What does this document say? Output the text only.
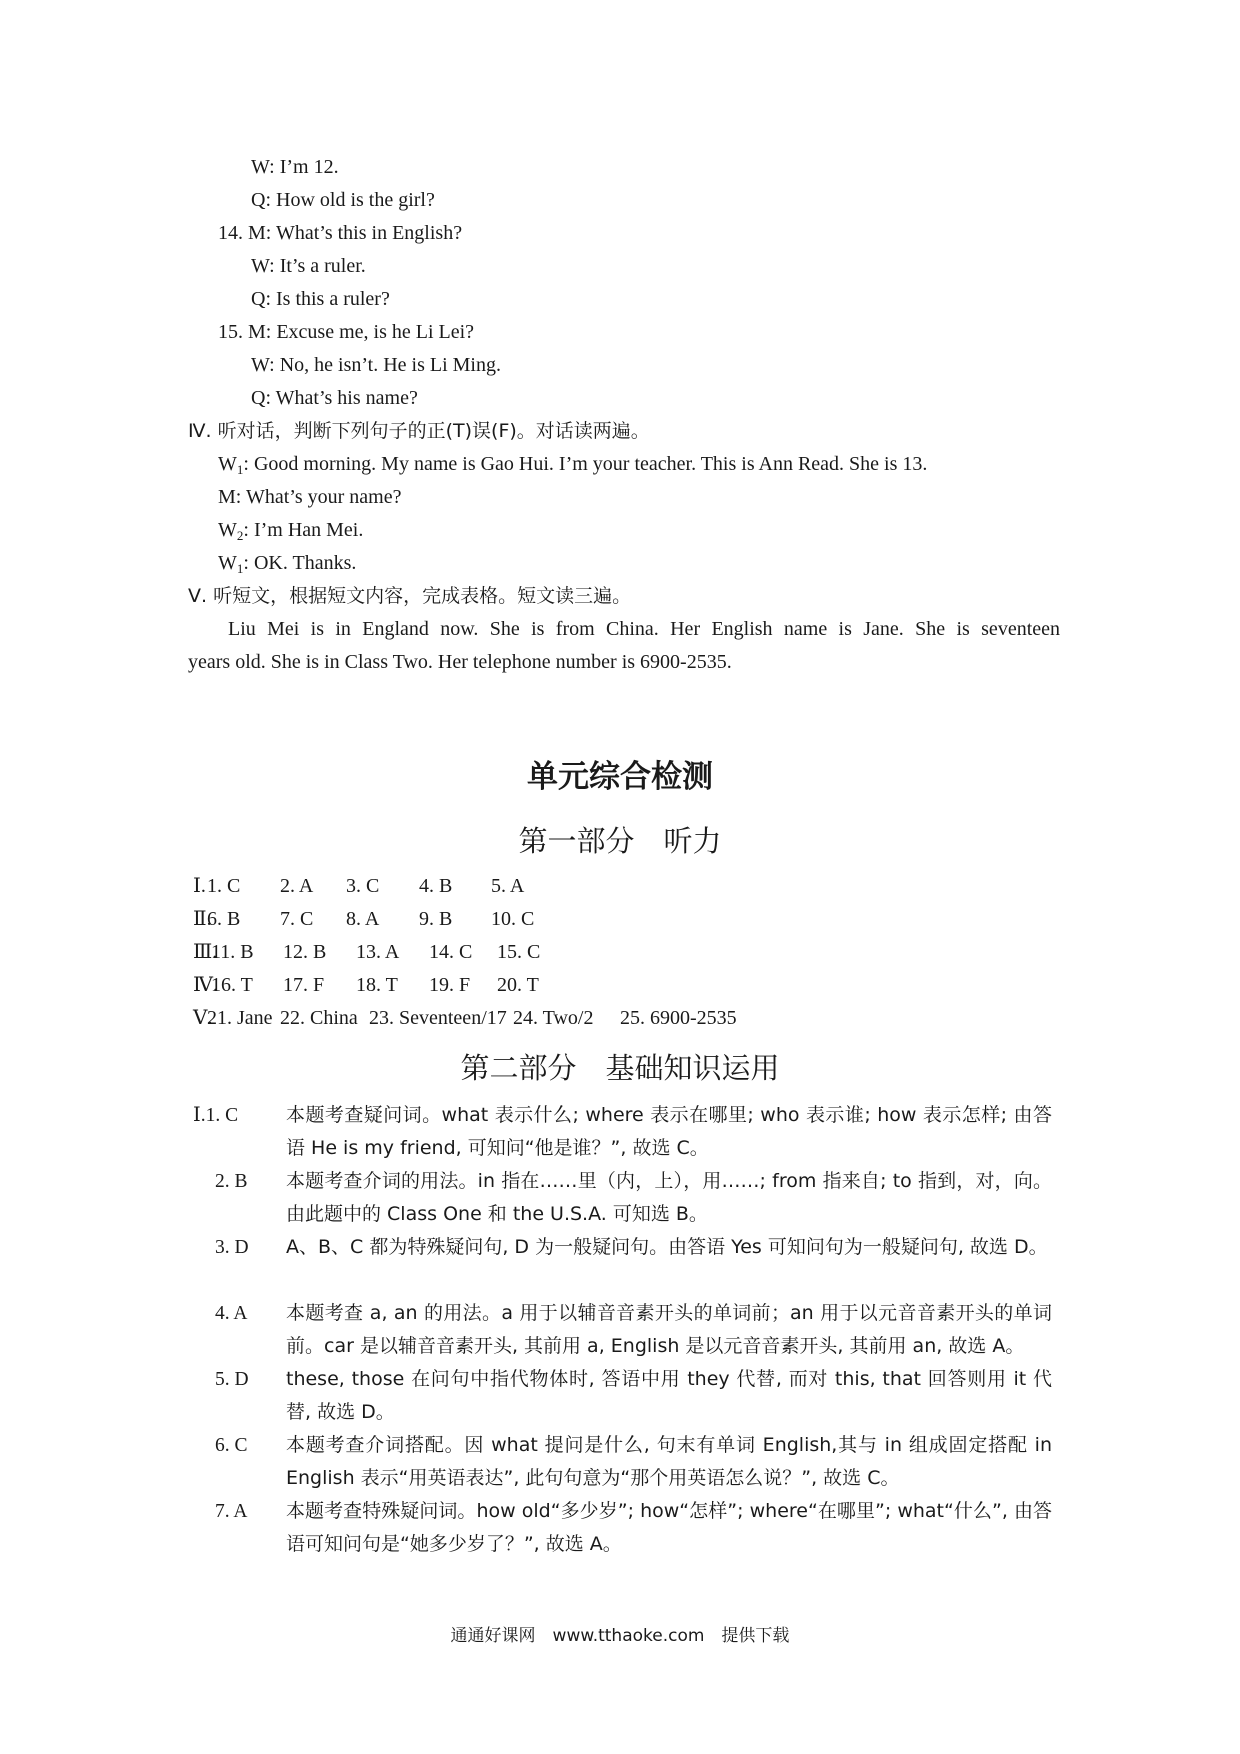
W: I’m 12.
Q: How old is the girl?
14. M: What’s this in English?
W: It’s a ruler.
Q: Is this a ruler?
15. M: Excuse me, is he Li Lei?
W: No, he isn’t. He is Li Ming.
Q: What’s his name?
Ⅳ. 听对话，判断下列句子的正(T)误(F)。对话读两遍。
$W_1$: Good morning. My name is Gao Hui. I’m your teacher. This is Ann Read. She is 13.
M: What’s your name?
$W_2$: I’m Han Mei.
$W_1$: OK. Thanks.
Ⅴ. 听短文，根据短文内容，完成表格。短文读三遍。
Liu Mei is in England now. She is from China. Her English name is Jane. She is seventeen
years old. She is in Class Two. Her telephone number is 6900-2535.
单元综合检测
第一部分　听力
Ⅰ. 1. C 2. A 3. C 4. B 5. A
Ⅱ.
6. B 7. C 8. A 9. B 10. C
Ⅲ.
11. B 12. B 13. A 14. C 15. C
Ⅳ.
16. T 17. F 18. T 19. F 20. T
Ⅴ.
21. Jane 22. China 23. Seventeen/17 24. Two/2 25. 6900-2535
第二部分　基础知识运用
Ⅰ.1. C	本题考查疑问词。what 表示什么; where 表示在哪里; who 表示谁; how 表示怎样; 由答语 He is my friend, 可知问“他是谁？”, 故选 C。
2. B 本题考查介词的用法。in 指在……里（内，上），用……; from 指来自; to 指到，对，向。由此题中的 Class One 和 the U.S.A. 可知选 B。
3. D A、B、C 都为特殊疑问句, D 为一般疑问句。由答语 Yes 可知问句为一般疑问句, 故选 D。
4. A 本题考查 a, an 的用法。a 用于以辅音音素开头的单词前；an 用于以元音音素开头的单词前。car 是以辅音音素开头, 其前用 a, English 是以元音音素开头, 其前用 an, 故选 A。
5. D these, those 在问句中指代物体时, 答语中用 they 代替, 而对 this, that 回答则用 it 代替, 故选 D。
6. C 本题考查介词搭配。因 what 提问是什么, 句末有单词 English,其与 in 组成固定搭配 in English 表示“用英语表达”, 此句句意为“那个用英语怎么说？”, 故选 C。
7. A 本题考查特殊疑问词。how old“多少岁”; how“怎样”; where“在哪里”; what“什么”, 由答语可知问句是“她多少岁了？”, 故选 A。
通通好课网　www.tthaoke.com　提供下载
